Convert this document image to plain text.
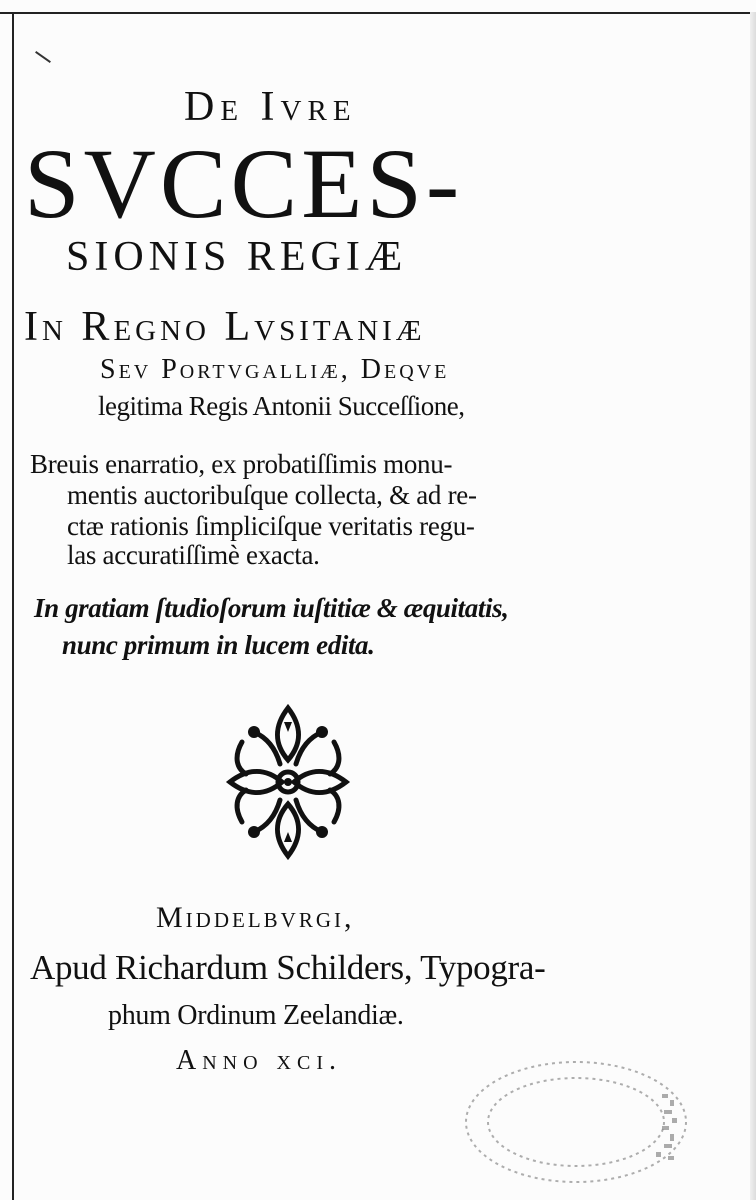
De Ivre

SVCCES-

SIONIS REGIÆ

In Regno Lvsitaniæ

Sev Portvgalliæ, Deqve

legitima Regis Antonii Succeſſione,

Breuis enarratio, ex probatiſſimis monu-

mentis auctoribuſque collecta, & ad re-

ctæ rationis ſimpliciſque veritatis regu-

las accuratiſſimè exacta.

In gratiam ſtudioſorum iuſtitiæ & æquitatis,

nunc primum in lucem edita.

Middelbvrgi,

Apud Richardum Schilders, Typogra-

phum Ordinum Zeelandiæ.

Anno xci.
